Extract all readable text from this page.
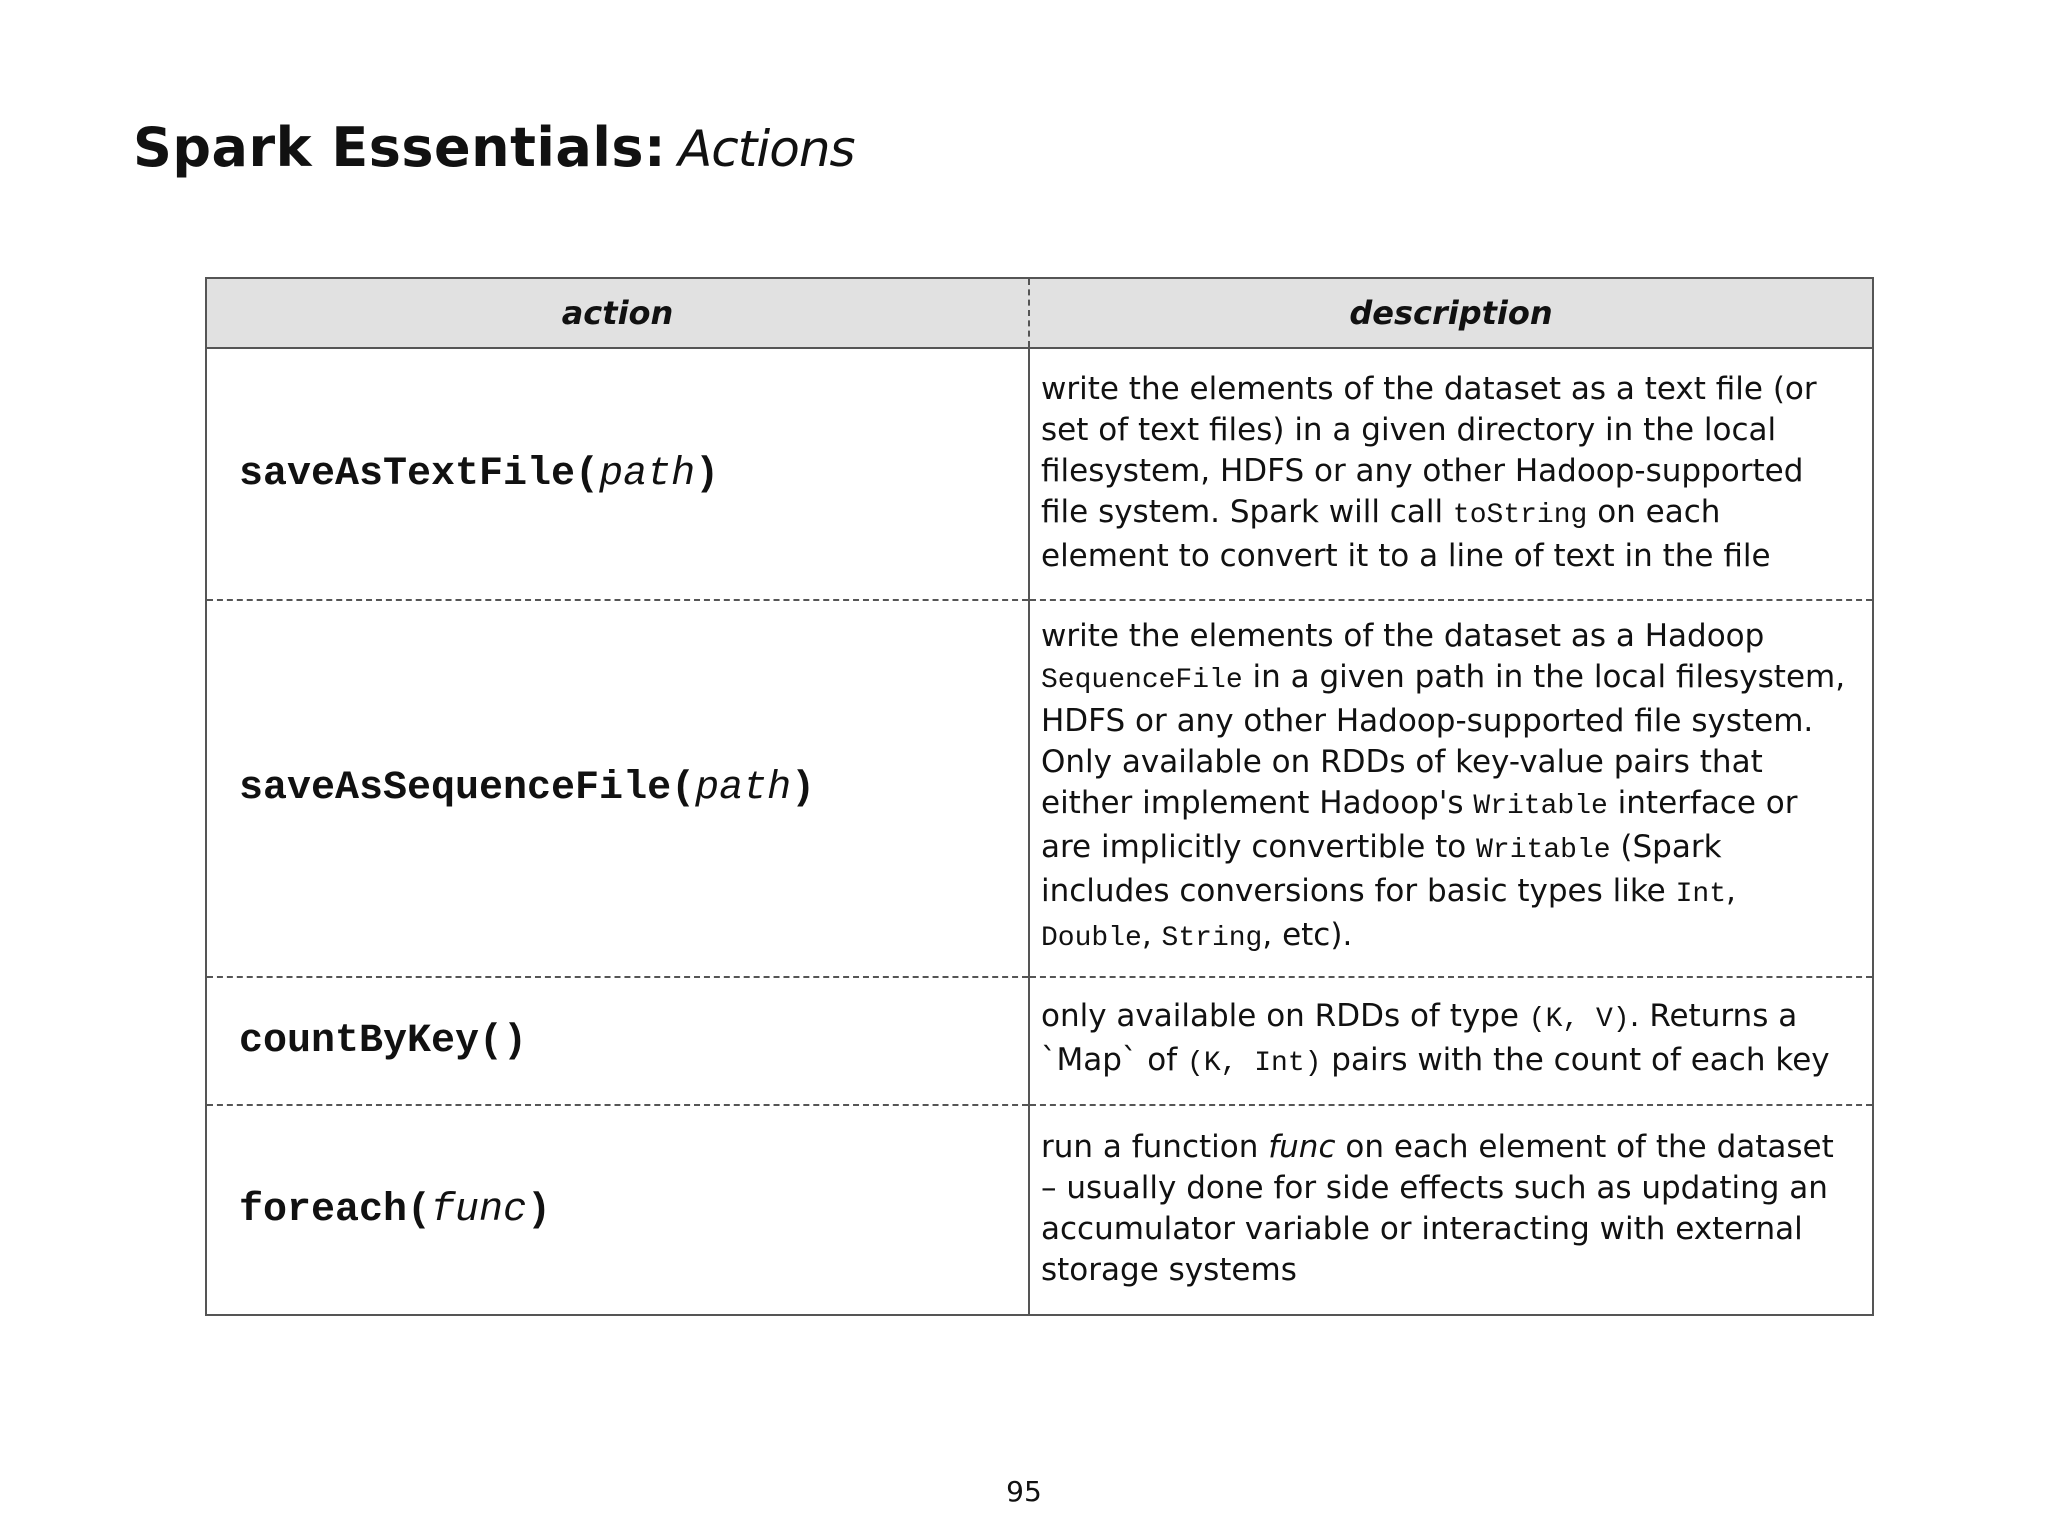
Spark Essentials: Actions
action	description
saveAsTextFile(path)	write the elements of the dataset as a text file (or set of text files) in a given directory in the local filesystem, HDFS or any other Hadoop-supported file system. Spark will call toString on each element to convert it to a line of text in the file
saveAsSequenceFile(path)	write the elements of the dataset as a Hadoop SequenceFile in a given path in the local filesystem, HDFS or any other Hadoop-supported file system. Only available on RDDs of key-value pairs that either implement Hadoop's Writable interface or are implicitly convertible to Writable (Spark includes conversions for basic types like Int, Double, String, etc).
countByKey()	only available on RDDs of type (K, V). Returns a `Map` of (K, Int) pairs with the count of each key
foreach(func)	run a function func on each element of the dataset – usually done for side effects such as updating an accumulator variable or interacting with external storage systems
95
